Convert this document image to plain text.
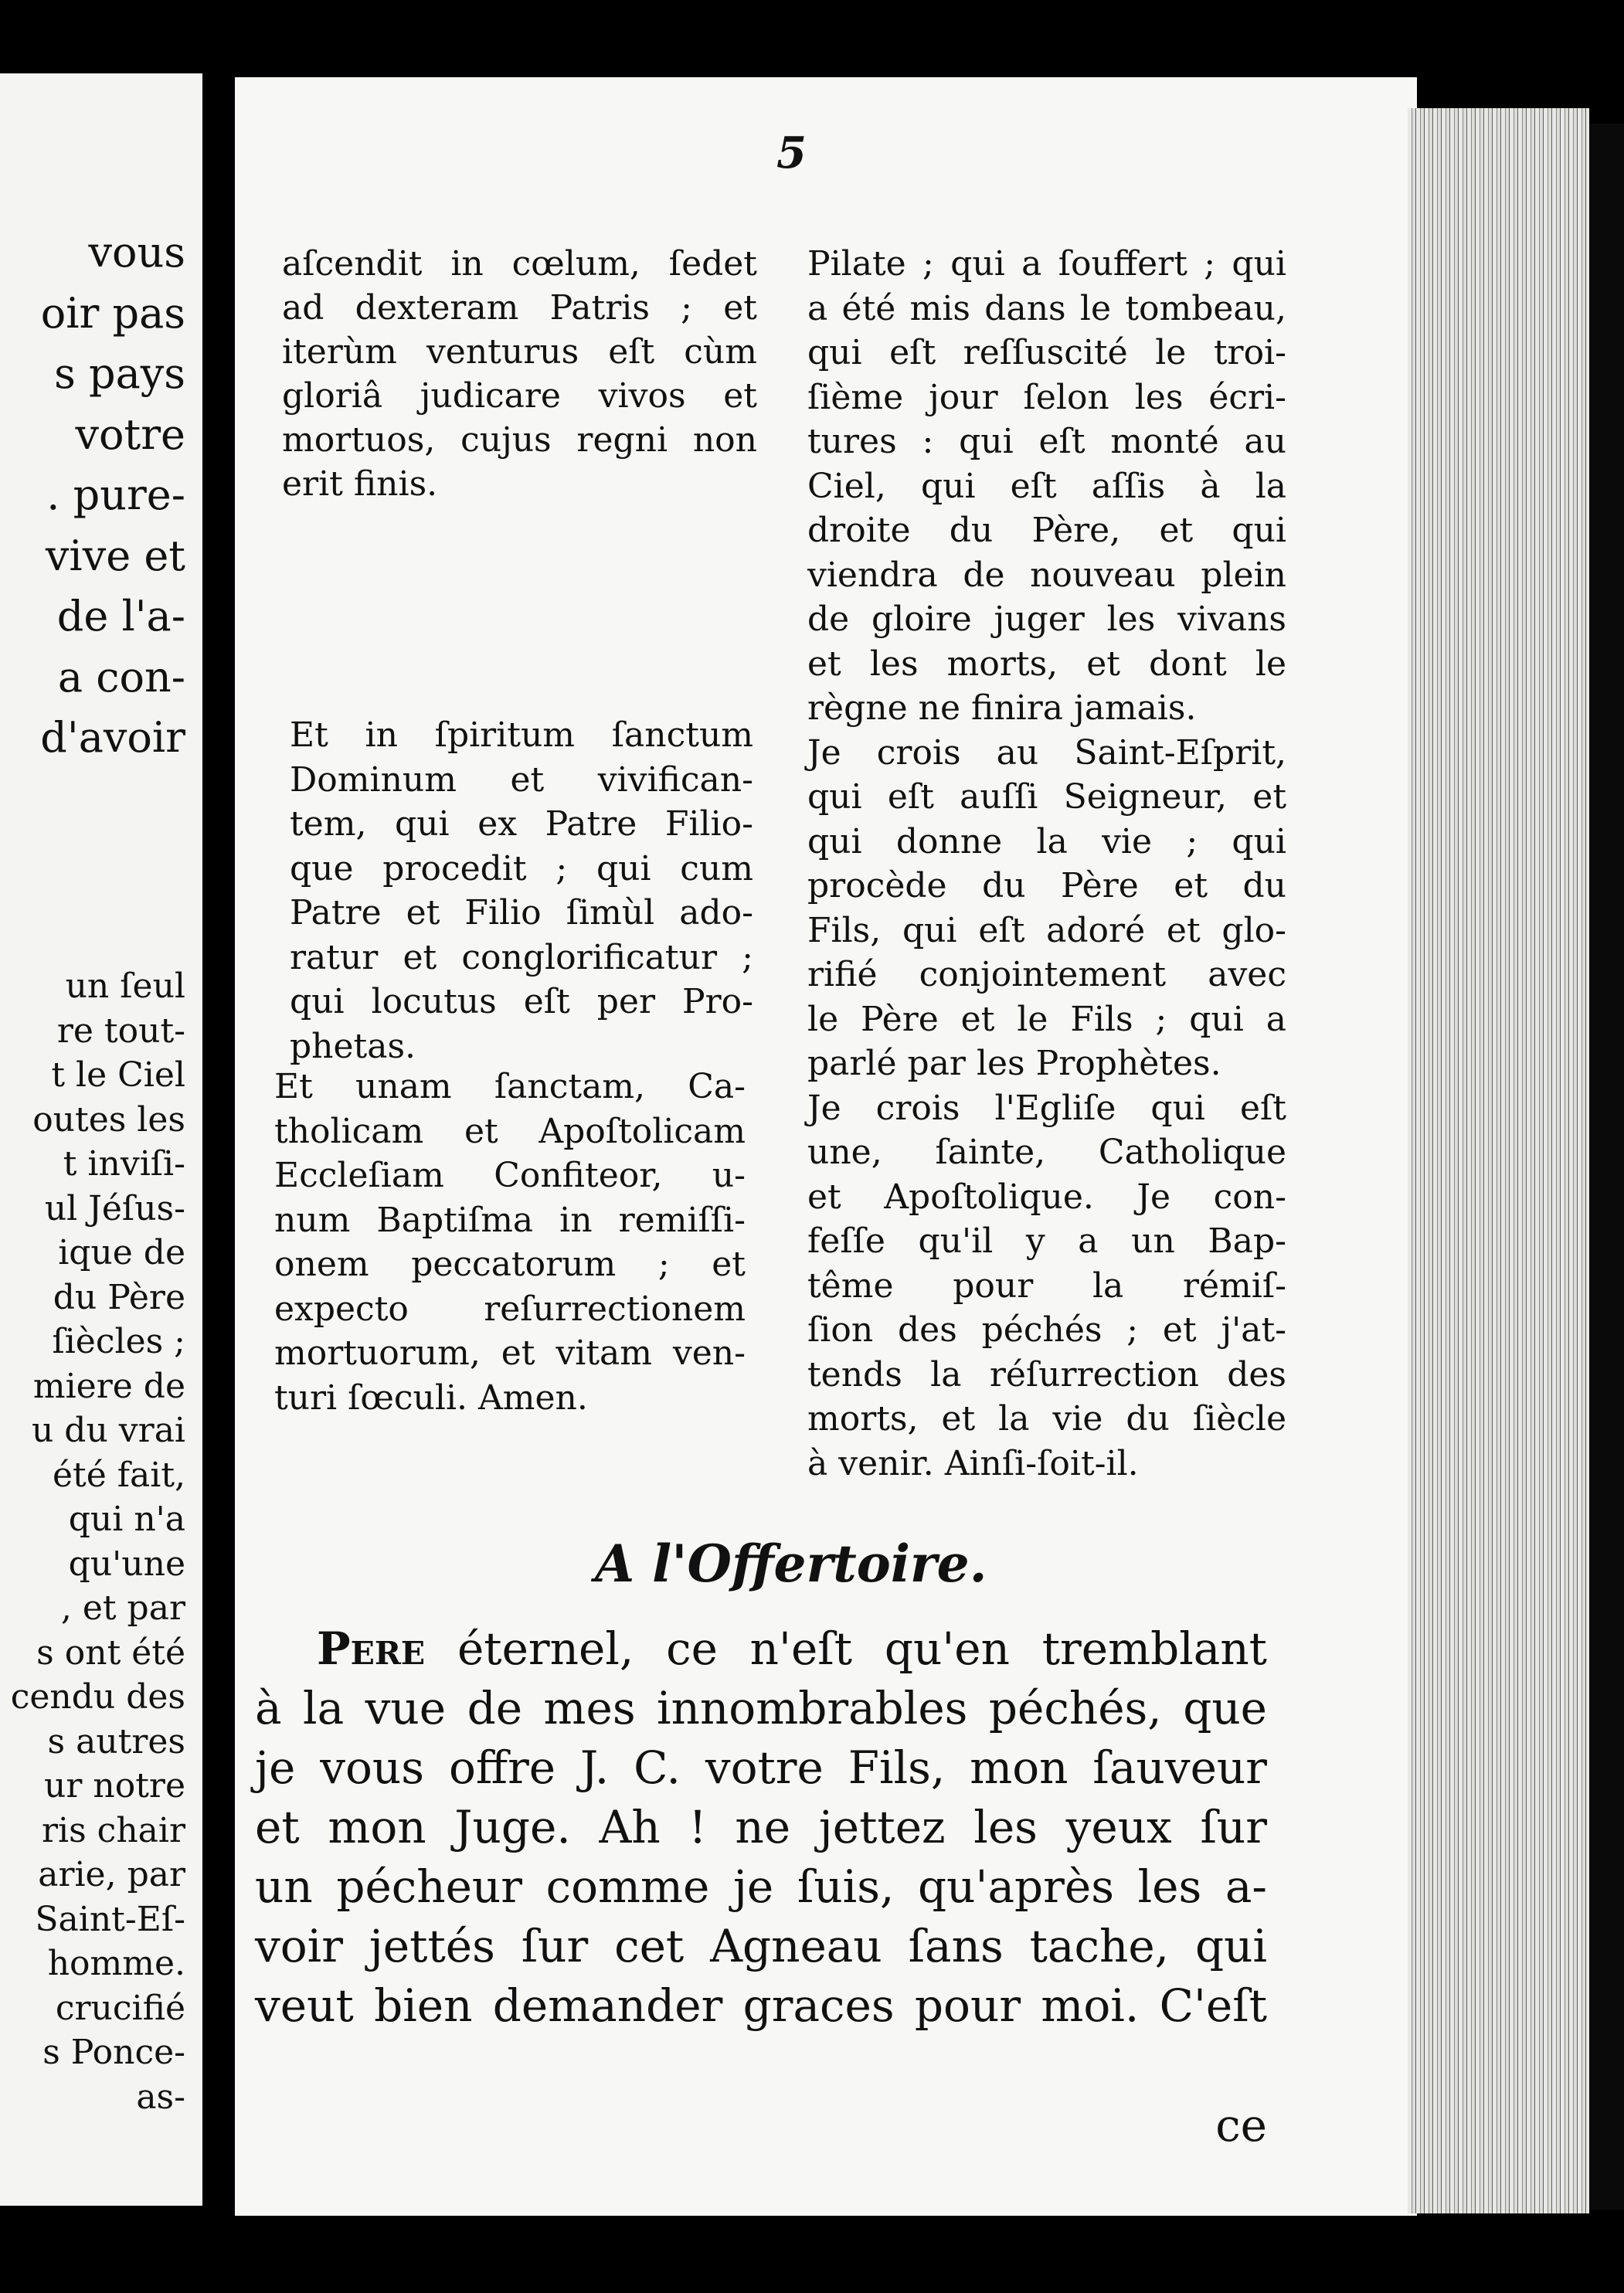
vous
oir pas
s pays
votre
. pure-
vive et
de l'a-
a con-
d'avoir
un ſeul
re tout-
t le Ciel
outes les
t inviſi-
ul Jéſus-
ique de
du Père
ſiècles ;
miere de
u du vrai
été fait,
qui n'a
qu'une
, et par
s ont été
cendu des
s autres
ur notre
ris chair
arie, par
Saint-Eſ-
homme.
crucifié
s Ponce-
as-
5
aſcendit in cœlum, ſedet
ad dexteram Patris ; et
iterùm venturus eſt cùm
gloriâ judicare vivos et
mortuos, cujus regni non
erit finis.
Et in ſpiritum ſanctum
Dominum et vivifican-
tem, qui ex Patre Filio-
que procedit ; qui cum
Patre et Filio ſimùl ado-
ratur et conglorificatur ;
qui locutus eſt per Pro-
phetas.
Et unam ſanctam, Ca-
tholicam et Apoſtolicam
Eccleſiam Confiteor, u-
num Baptiſma in remiſſi-
onem peccatorum ; et
expecto reſurrectionem
mortuorum, et vitam ven-
turi ſœculi. Amen.
Pilate ; qui a ſouffert ; qui
a été mis dans le tombeau,
qui eſt reſſuscité le troi-
ſième jour ſelon les écri-
tures : qui eſt monté au
Ciel, qui eſt aſſis à la
droite du Père, et qui
viendra de nouveau plein
de gloire juger les vivans
et les morts, et dont le
règne ne finira jamais.
Je crois au Saint-Eſprit,
qui eſt auſſi Seigneur, et
qui donne la vie ; qui
procède du Père et du
Fils, qui eſt adoré et glo-
rifié conjointement avec
le Père et le Fils ; qui a
parlé par les Prophètes.
Je crois l'Egliſe qui eſt
une, ſainte, Catholique
et Apoſtolique. Je con-
feſſe qu'il y a un Bap-
tême pour la rémiſ-
ſion des péchés ; et j'at-
tends la réſurrection des
morts, et la vie du ſiècle
à venir. Ainſi-ſoit-il.
A l'Offertoire.
Pere éternel, ce n'eſt qu'en tremblant
à la vue de mes innombrables péchés, que
je vous offre J. C. votre Fils, mon ſauveur
et mon Juge. Ah ! ne jettez les yeux ſur
un pécheur comme je ſuis, qu'après les a-
voir jettés ſur cet Agneau ſans tache, qui
veut bien demander graces pour moi. C'eſt
ce
